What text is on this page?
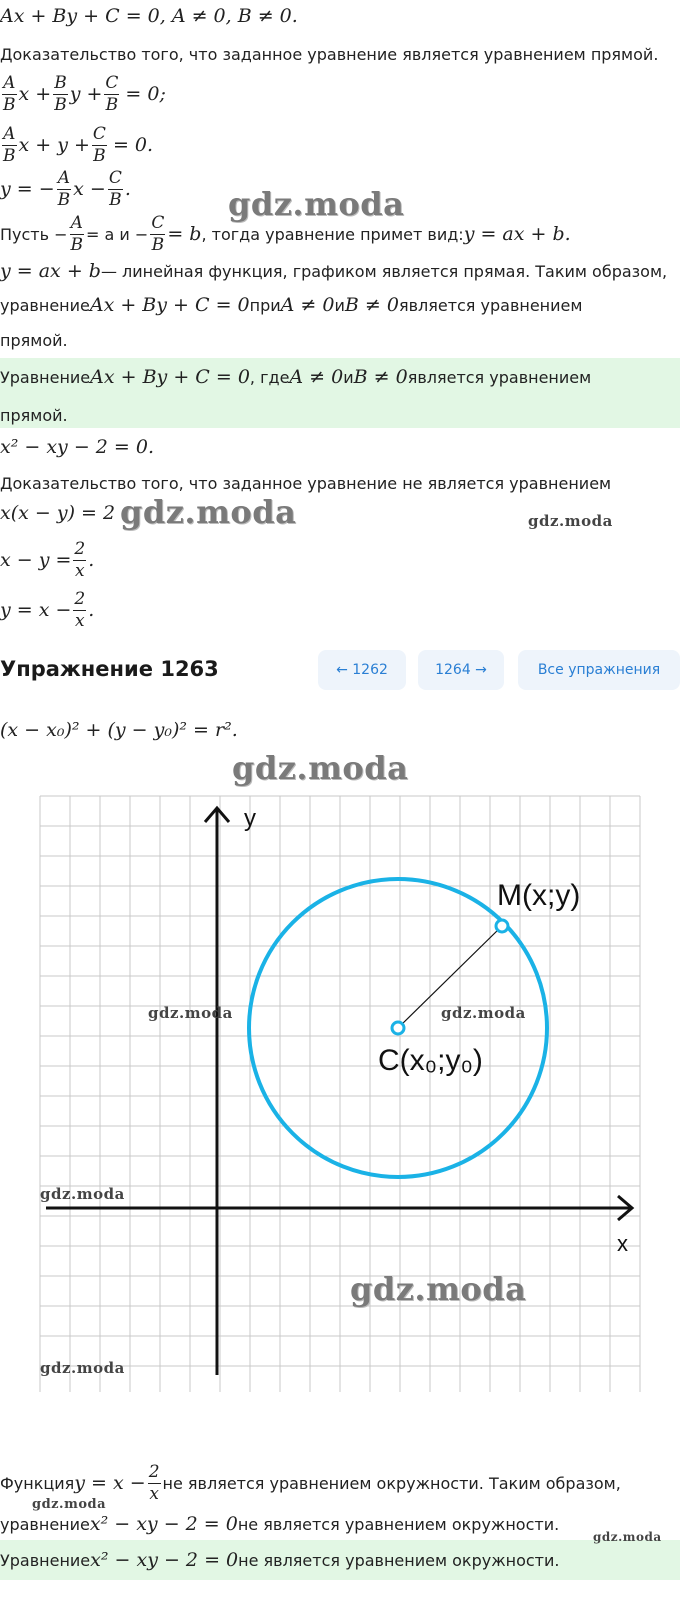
Ax + By + C = 0, A ≠ 0, B ≠ 0.
Доказательство того, что заданное уравнение является уравнением прямой.
$\frac{A}{B}$ $x + \frac{B}{B}$ $y + \frac{C}{B} = 0$;
$\frac{A}{B}$ $x + y + \frac{C}{B} = 0$.
y = − $\frac{A}{B}$ $x - \frac{C}{B}$ .
Пусть − $\frac{A}{B} = a$ $и - \frac{C}{B} = b$ , тогда уравнение примет вид: y = ax + b.
y = ax + b — линейная функция, графиком является прямая. Таким образом,
уравнение Ax + By + C = 0 при A ≠ 0 и B ≠ 0 является уравнением
прямой.
Уравнение Ax + By + C = 0 , где A ≠ 0 и B ≠ 0 является уравнением
прямой.
x² − xy − 2 = 0.
Доказательство того, что заданное уравнение не является уравнением
x(x − y) = 2
$x - y = \frac{2}{x}$ .
$y = x - \frac{2}{x}$ .
Упражнение 1263	← 1262	1264 →	Все упражнения
(x − x₀)² + (y − y₀)² = r².
y
x
M(x;y)
C(x₀;y₀)
Функция $y = x - \frac{2}{x}$ не является уравнением окружности. Таким образом,
уравнение x² − xy − 2 = 0 не является уравнением окружности.
Уравнение x² − xy − 2 = 0 не является уравнением окружности.
gdz.moda
gdz.moda	gdz.moda
gdz.moda
gdz.moda	gdz.moda
gdz.moda
gdz.moda
gdz.moda
gdz.moda
gdz.moda
